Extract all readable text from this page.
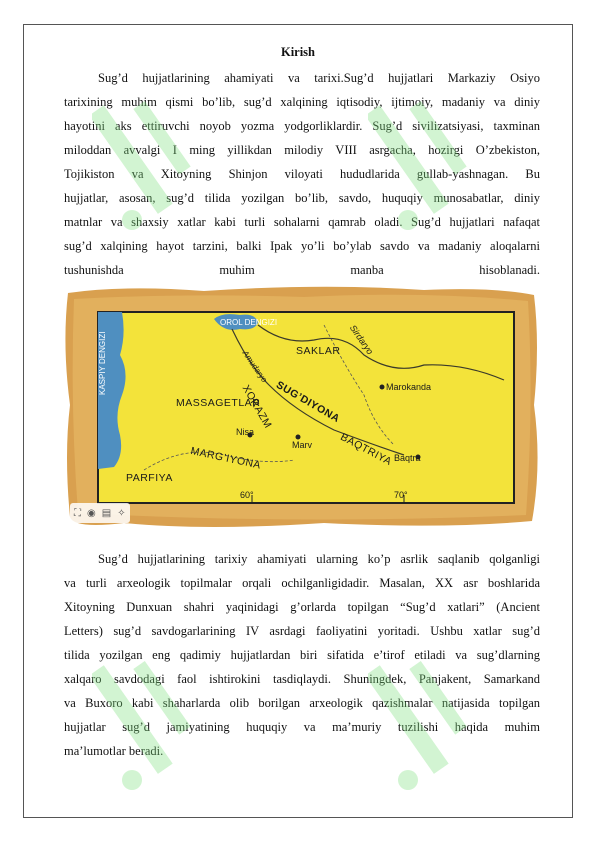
Kirish
Sug’d hujjatlarining ahamiyati va tarixi.Sug’d hujjatlari Markaziy Osiyo
tarixining muhim qismi bo’lib, sug’d xalqining iqtisodiy, ijtimoiy, madaniy va diniy
hayotini aks ettiruvchi noyob yozma yodgorliklardir. Sug’d sivilizatsiyasi, taxminan
miloddan avvalgi I ming yillikdan milodiy VIII asrgacha, hozirgi O’zbekiston,
Tojikiston va Xitoyning Shinjon viloyati hududlarida gullab-yashnagan. Bu
hujjatlar, asosan, sug’d tilida yozilgan bo’lib, savdo, huquqiy munosabatlar, diniy
matnlar va shaxsiy xatlar kabi turli sohalarni qamrab oladi. Sug’d hujjatlari nafaqat
sug’d xalqining hayot tarzini, balki Ipak yo’li bo’ylab savdo va madaniy aloqalarni
tushunishda muhim manba hisoblanadi.
OROL DENGIZI
KASPIY DENGIZI	SAKLAR Sirdaryo
Amudaryo
XORAZM SUG’DIYONA
MASSAGETLAR
Marokanda
Nisa
Marv	BAQTRIYA Baqtra
MARG’IYONA
PARFIYA
60°	70°
⛶ ◉ ▤ ✧
Sug’d hujjatlarining tarixiy ahamiyati ularning ko’p asrlik saqlanib qolganligi
va turli arxeologik topilmalar orqali ochilganligidadir. Masalan, XX asr boshlarida
Xitoyning Dunxuan shahri yaqinidagi g’orlarda topilgan “Sug’d xatlari” (Ancient
Letters) sug’d savdogarlarining IV asrdagi faoliyatini yoritadi. Ushbu xatlar sug’d
tilida yozilgan eng qadimiy hujjatlardan biri sifatida e’tirof etiladi va sug’dlarning
xalqaro savdodagi faol ishtirokini tasdiqlaydi. Shuningdek, Panjakent, Samarkand
va Buxoro kabi shaharlarda olib borilgan arxeologik qazishmalar natijasida topilgan
hujjatlar sug’d jamiyatining huquqiy va ma’muriy tuzilishi haqida muhim
ma’lumotlar beradi.
